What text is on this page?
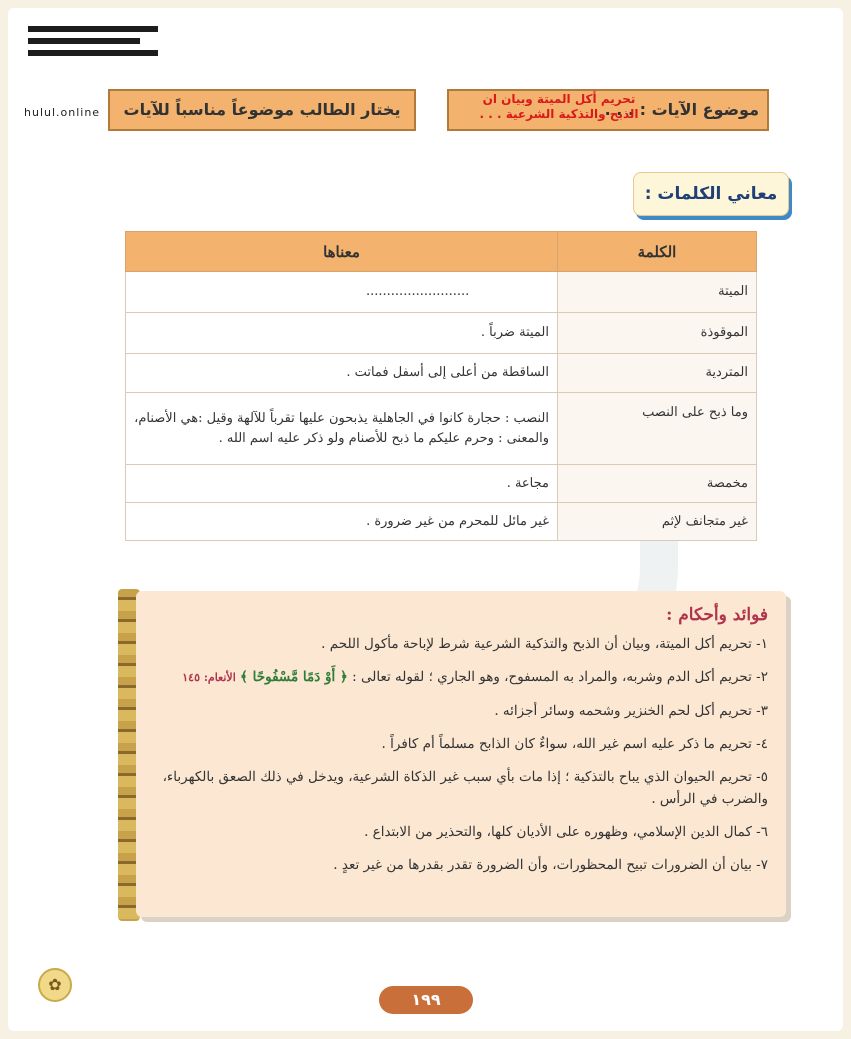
hulul.online	موضوع الآيات : . . .
تحريم أكل الميتة وبيان ان
الذبح والتذكية الشرعية . . .
يختار الطالب موضوعاً مناسباً للآيات
معاني الكلمات :
الكلمة	معناها
الميتة	.........................
الموقوذة	الميتة ضرباً .
المتردية	الساقطة من أعلى إلى أسفل فماتت .
وما ذبح على النصب	النصب : حجارة كانوا في الجاهلية يذبحون عليها تقرباً للآلهة وقيل :هي الأصنام، والمعنى : وحرم عليكم ما ذبح للأصنام ولو ذكر عليه اسم الله .
مخمصة	مجاعة .
غير متجانف لإثم	غير مائل للمحرم من غير ضرورة .
فوائد وأحكام :
١- تحريم أكل الميتة، وبيان أن الذبح والتذكية الشرعية شرط لإباحة مأكول اللحم .
٢- تحريم أكل الدم وشربه، والمراد به المسفوح، وهو الجاري ؛ لقوله تعالى : ﴿ أَوْ دَمًا مَّسْفُوحًا ﴾ الأنعام: ١٤٥
٣- تحريم أكل لحم الخنزير وشحمه وسائر أجزائه .
٤- تحريم ما ذكر عليه اسم غير الله، سواءٌ كان الذابح مسلماً أم كافراً .
٥- تحريم الحيوان الذي يباح بالتذكية ؛ إذا مات بأي سبب غير الذكاة الشرعية، ويدخل في ذلك الصعق بالكهرباء، والضرب في الرأس .
٦- كمال الدين الإسلامي، وظهوره على الأديان كلها، والتحذير من الابتداع .
٧- بيان أن الضرورات تبيح المحظورات، وأن الضرورة تقدر بقدرها من غير تعدٍ .
✿
١٩٩
